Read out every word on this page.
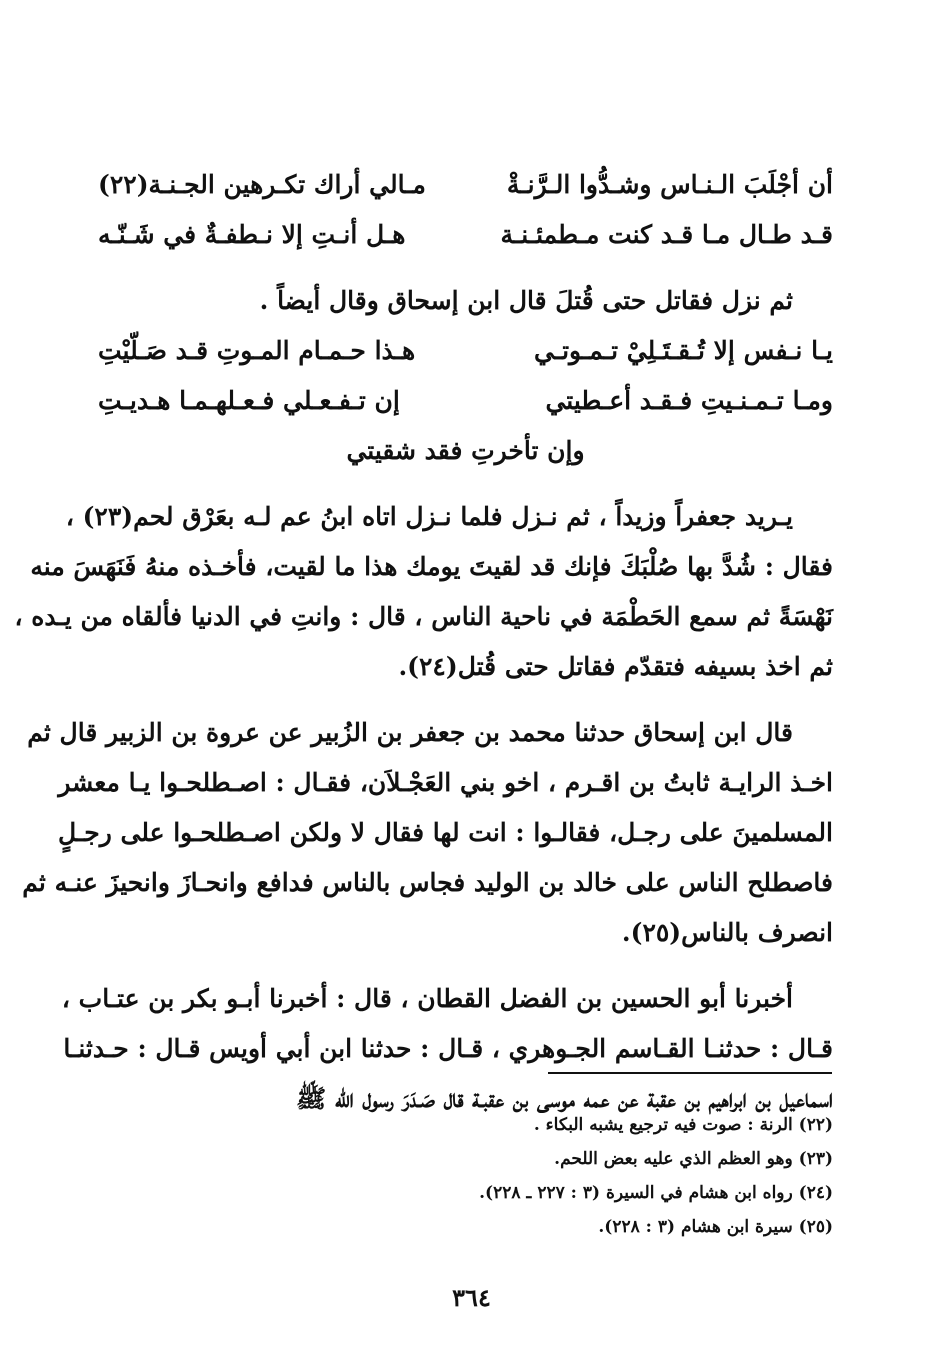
أن أجْلَبَ الـنـاس وشـدُّوا الـرَّنـةْ
مـالي أراك تكـرهين الجـنـة(٢٢)
قـد طـال مـا قـد كنت مـطمئـنـة
هـل أنـتِ إلا نـطفـةٌ في شَـنّـه
ثم نزل فقاتل حتى قُتلَ قال ابن إسحاق وقال أيضاً .
يـا نـفس إلا تُـقـتَـلِيْ تـمـوتـي
هـذا حـمـام المـوتِ قـد صَـلّيْتِ
ومـا تـمـنـيتِ فـقـد أعـطيتي
إن تـفـعـلي فـعـلهـمـا هـديـتِ
وإن تأخرتِ فقد شقيتي
يـريد جعفراً وزيداً ، ثم نـزل فلما نـزل اتاه ابنُ عم لـه بعَرْق لحم(٢٣) ،
فقال : شُدَّ بها صُلْبَكَ فإنك قد لقيتَ يومك هذا ما لقيت، فأخـذه منهُ فَنَهَسَ منه
نَهْسَةً ثم سمع الحَطْمَة في ناحية الناس ، قال : وانتِ في الدنيا فألقاه من يـده ،
ثم اخذ بسيفه فتقدّم فقاتل حتى قُتل(٢٤).
قال ابن إسحاق حدثنا محمد بن جعفر بن الزُبير عن عروة بن الزبير قال ثم
اخـذ الرايـة ثابتُ بن اقـرم ، اخو بني العَجْـلاَن، فقـال : اصـطلحـوا يـا معشر
المسلمينَ على رجـل، فقالـوا : انت لها فقال لا ولكن اصـطلحـوا على رجـلٍ
فاصطلح الناس على خالد بن الوليد فجاس بالناس فدافع وانحـازَ وانحيزَ عنـه ثم
انصرف بالناس(٢٥).
أخبرنا أبو الحسين بن الفضل القطان ، قال : أخبرنا أبـو بكر بن عتـاب ،
قـال : حدثنـا القـاسم الجـوهري ، قـال : حدثنا ابن أبي أويس قـال : حـدثنـا
اسماعيل بن ابراهيم بن عقبة عن عمه موسى بن عقبـة قال صَـدَرَ رسول الله ﷺ
(٢٢) الرنة : صوت فيه ترجيع يشبه البكاء .
(٢٣) وهو العظم الذي عليه بعض اللحم.
(٢٤) رواه ابن هشام في السيرة (٣ : ٢٢٧ ـ ٢٢٨).
(٢٥) سيرة ابن هشام (٣ : ٢٢٨).
٣٦٤
